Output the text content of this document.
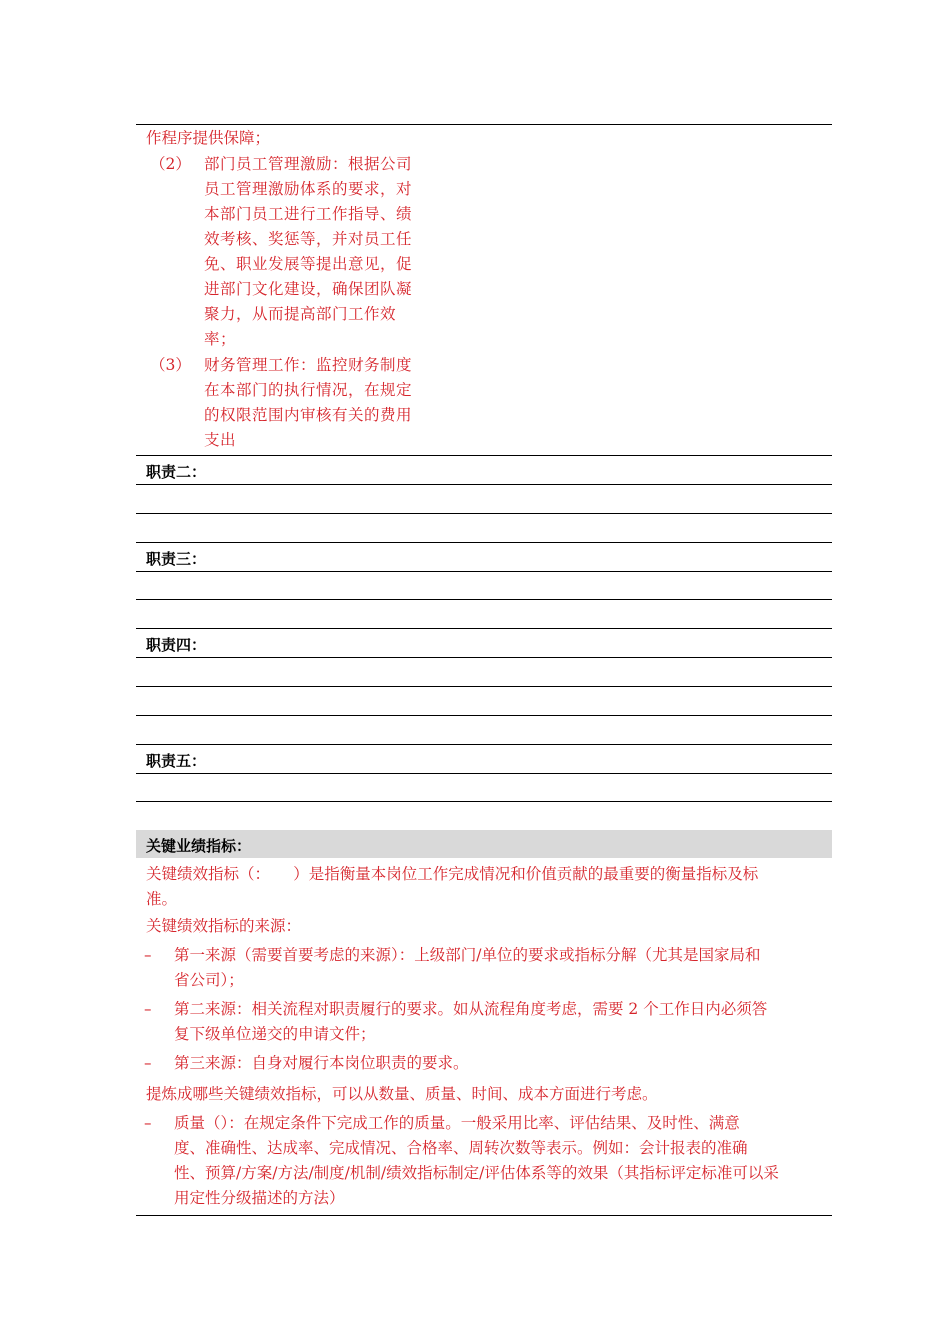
作程序提供保障；
（2） 部门员工管理激励：根据公司
员工管理激励体系的要求，对
本部门员工进行工作指导、绩
效考核、奖惩等，并对员工任
免、职业发展等提出意见，促
进部门文化建设，确保团队凝
聚力，从而提高部门工作效
率；
（3） 财务管理工作：监控财务制度
在本部门的执行情况，在规定
的权限范围内审核有关的费用
支出
职责二：
职责三：
职责四：
职责五：
关键业绩指标：
关键绩效指标（：　　）是指衡量本岗位工作完成情况和价值贡献的最重要的衡量指标及标
准。
关键绩效指标的来源：
– 第一来源（需要首要考虑的来源）：上级部门/单位的要求或指标分解（尤其是国家局和
省公司）；
– 第二来源：相关流程对职责履行的要求。如从流程角度考虑，需要 2 个工作日内必须答
复下级单位递交的申请文件；
– 第三来源：自身对履行本岗位职责的要求。
提炼成哪些关键绩效指标，可以从数量、质量、时间、成本方面进行考虑。
– 质量（）：在规定条件下完成工作的质量。一般采用比率、评估结果、及时性、满意
度、准确性、达成率、完成情况、合格率、周转次数等表示。例如：会计报表的准确
性、预算/方案/方法/制度/机制/绩效指标制定/评估体系等的效果（其指标评定标准可以采
用定性分级描述的方法）
